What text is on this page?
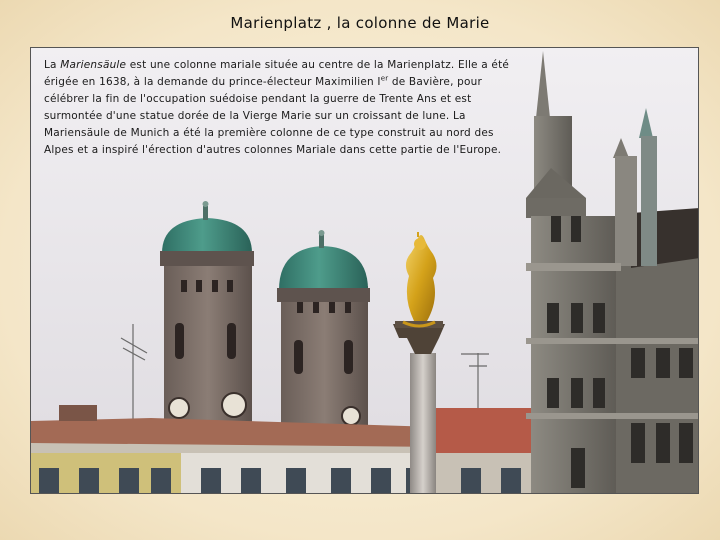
Marienplatz , la colonne de Marie
La Mariensäule est une colonne mariale située au centre de la Marienplatz. Elle a été érigée en 1638, à la demande du prince-électeur Maximilien Ier de Bavière, pour célébrer la fin de l'occupation suédoise pendant la guerre de Trente Ans et est surmontée d'une statue dorée de la Vierge Marie sur un croissant de lune. La Mariensäule de Munich a été la première colonne de ce type construit au nord des Alpes et a inspiré l'érection d'autres colonnes Mariale dans cette partie de l'Europe.
